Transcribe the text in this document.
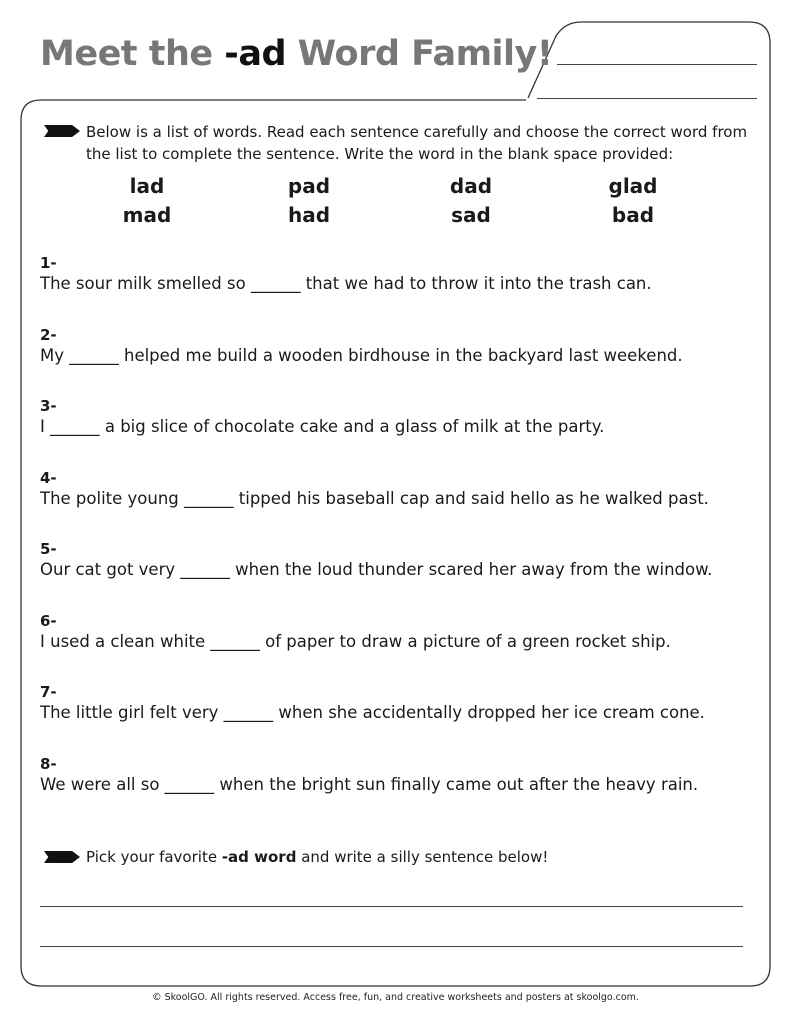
Meet the -ad Word Family!

Below is a list of words. Read each sentence carefully and choose the correct word from the list to complete the sentence. Write the word in the blank space provided:

lad	pad	dad	glad
mad	had	sad	bad
1-
The sour milk smelled so ______ that we had to throw it into the trash can.
2-
My ______ helped me build a wooden birdhouse in the backyard last weekend.
3-
I ______ a big slice of chocolate cake and a glass of milk at the party.
4-
The polite young ______ tipped his baseball cap and said hello as he walked past.
5-
Our cat got very ______ when the loud thunder scared her away from the window.
6-
I used a clean white ______ of paper to draw a picture of a green rocket ship.
7-
The little girl felt very ______ when she accidentally dropped her ice cream cone.
8-
We were all so ______ when the bright sun finally came out after the heavy rain.

Pick your favorite -ad word and write a silly sentence below!

© SkoolGO. All rights reserved. Access free, fun, and creative worksheets and posters at skoolgo.com.
